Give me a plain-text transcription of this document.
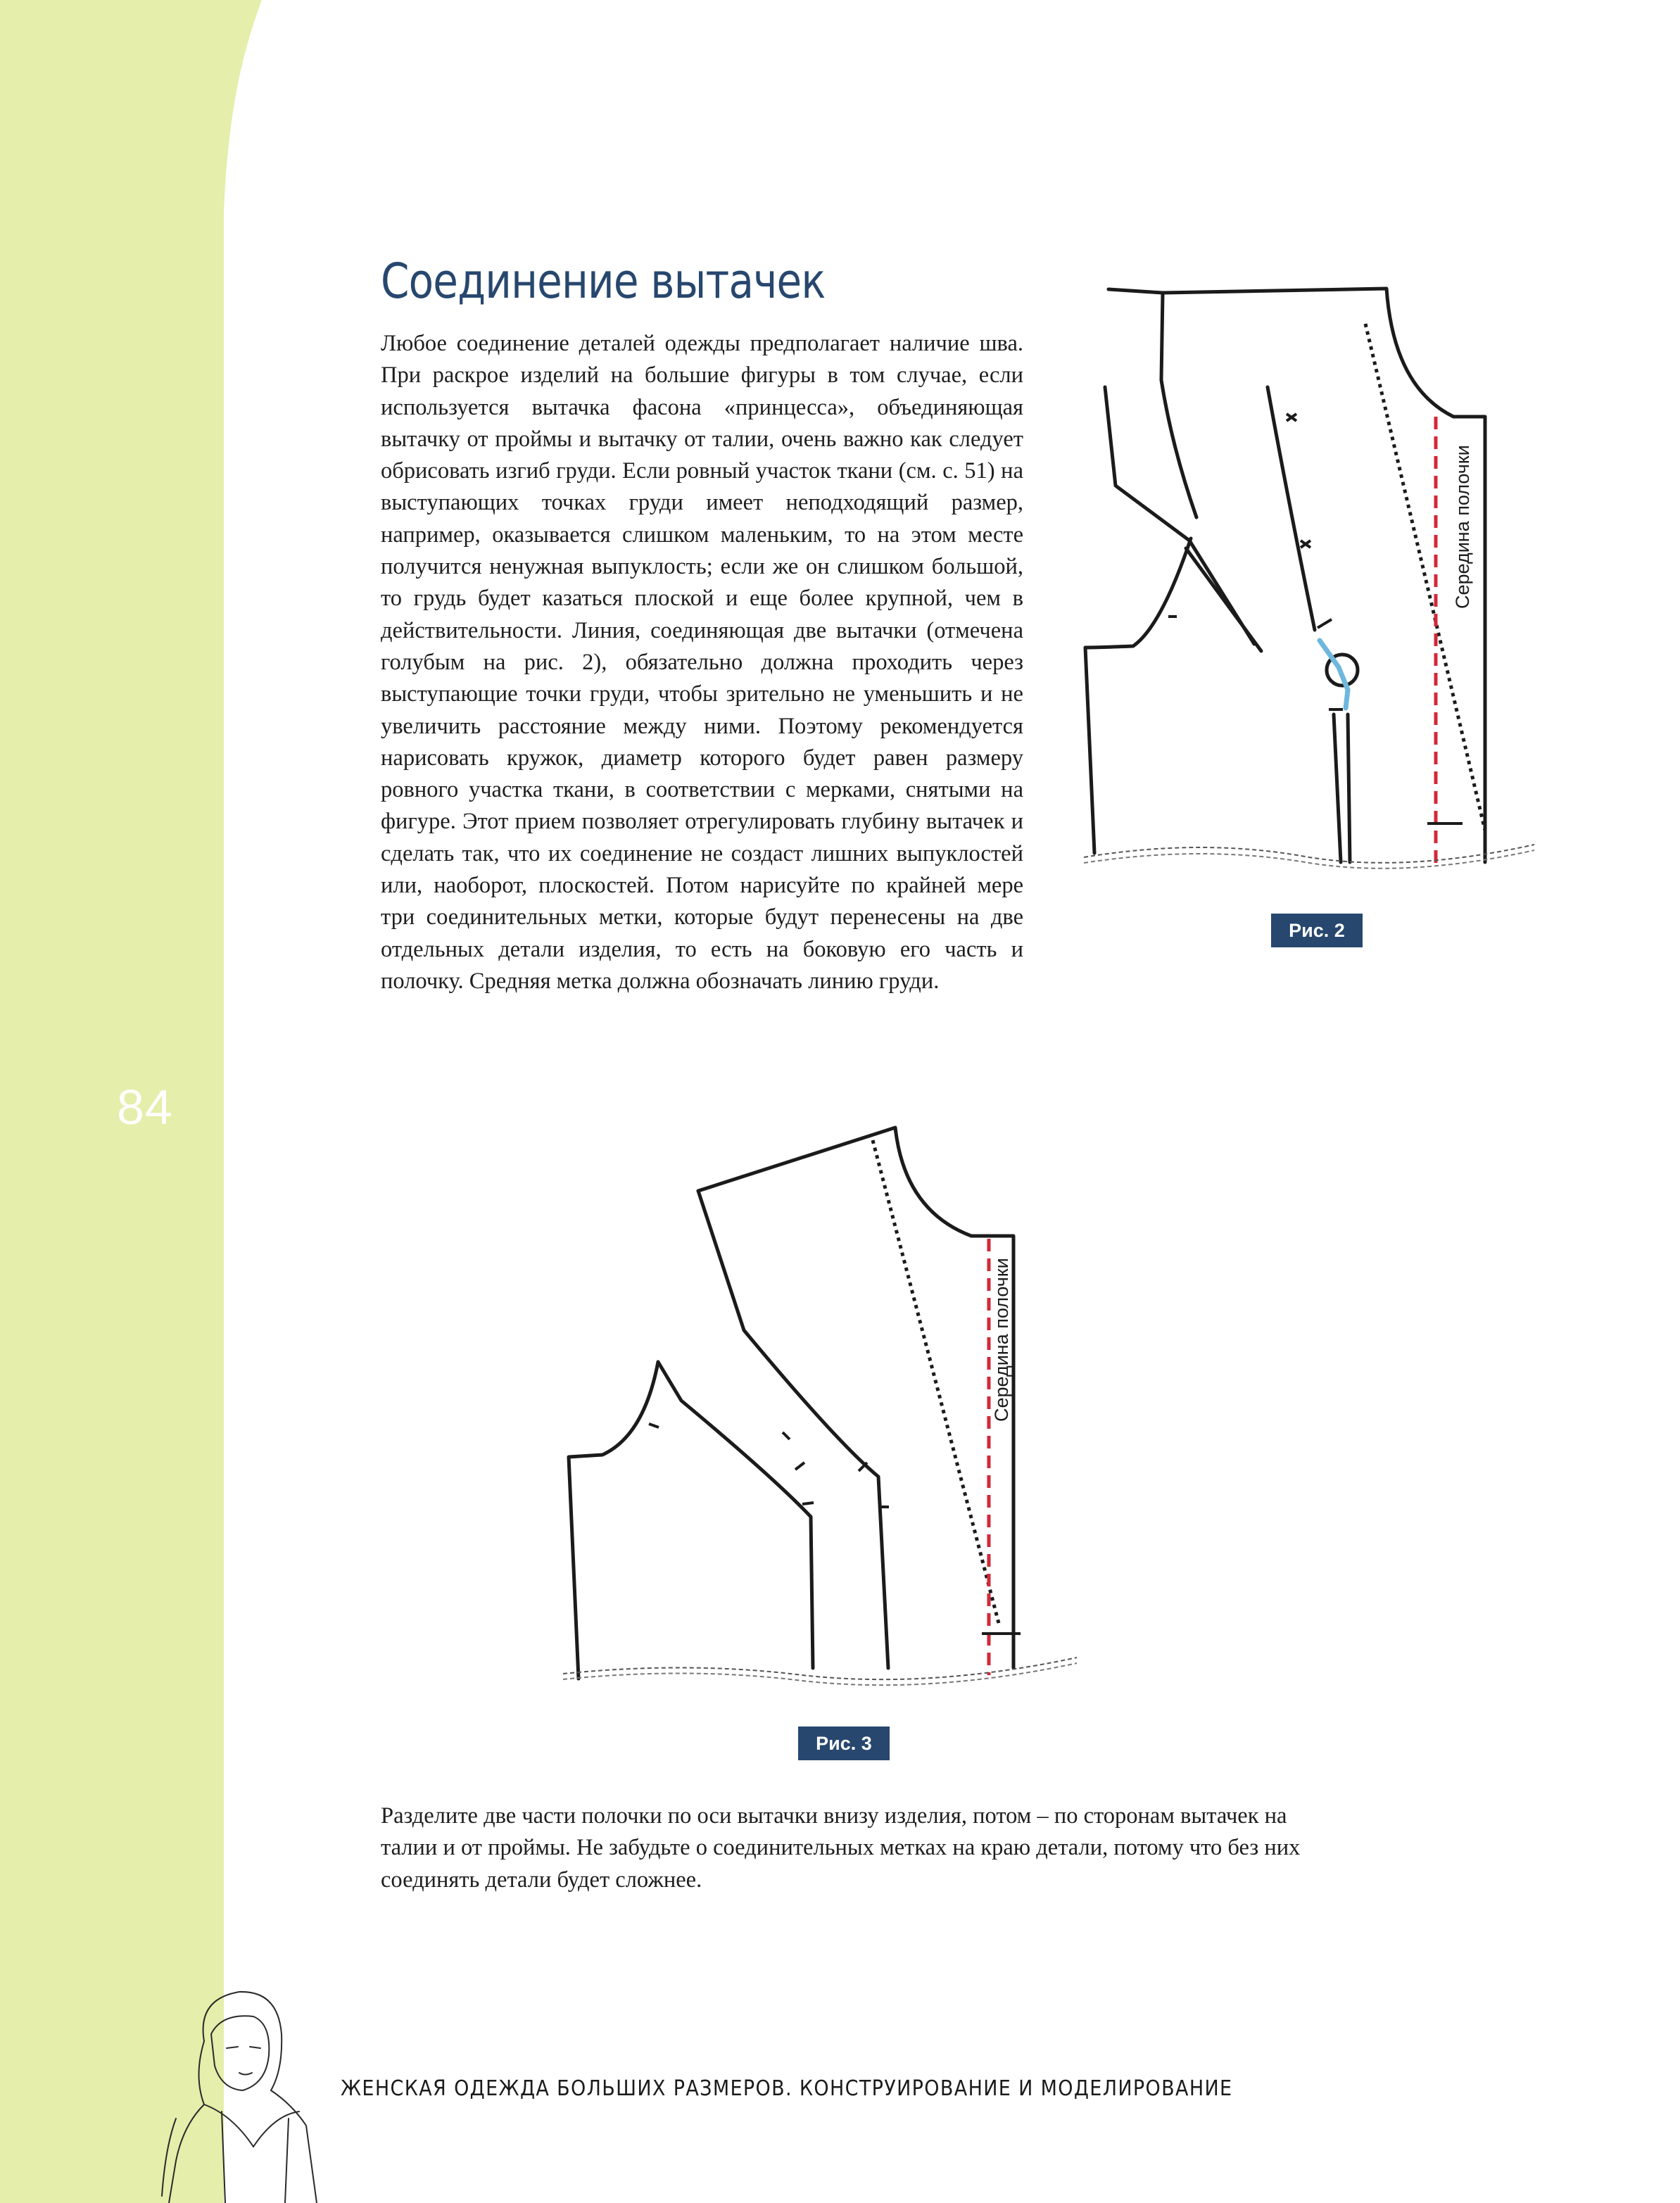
84
Соединение вытачек

Любое соединение деталей одежды предполагает наличие шва. При раскрое изделий на большие фигуры в том случае, если используется вытачка фасона «принцесса», объединяющая вытачку от проймы и вытачку от талии, очень важно как следует обрисовать изгиб груди. Если ровный участок ткани (см. с. 51) на выступающих точках груди имеет неподходящий размер, например, оказывается слишком маленьким, то на этом месте получится ненужная выпуклость; если же он слишком большой, то грудь будет казаться плоской и еще более крупной, чем в действительности. Линия, соединяющая две вытачки (отмечена голубым на рис. 2), обязательно должна проходить через выступающие точки груди, чтобы зрительно не уменьшить и не увеличить расстояние между ними. Поэтому рекомендуется нарисовать кружок, диаметр которого будет равен размеру ровного участка ткани, в соответствии с мерками, снятыми на фигуре. Этот прием позволяет отрегулировать глубину вытачек и сделать так, что их соединение не создаст лишних выпуклостей или, наоборот, плоскостей. Потом нарисуйте по крайней мере три соединительных метки, которые будут перенесены на две отдельных детали изделия, то есть на боковую его часть и полочку. Средняя метка должна обозначать линию груди.

Середина полочки
Рис. 2
Середина полочки
Рис. 3

Разделите две части полочки по оси вытачки внизу изделия, потом – по сторонам вытачек на талии и от проймы. Не забудьте о соединительных метках на краю детали, потому что без них соединять детали будет сложнее.

ЖЕНСКАЯ ОДЕЖДА БОЛЬШИХ РАЗМЕРОВ. КОНСТРУИРОВАНИЕ И МОДЕЛИРОВАНИЕ
